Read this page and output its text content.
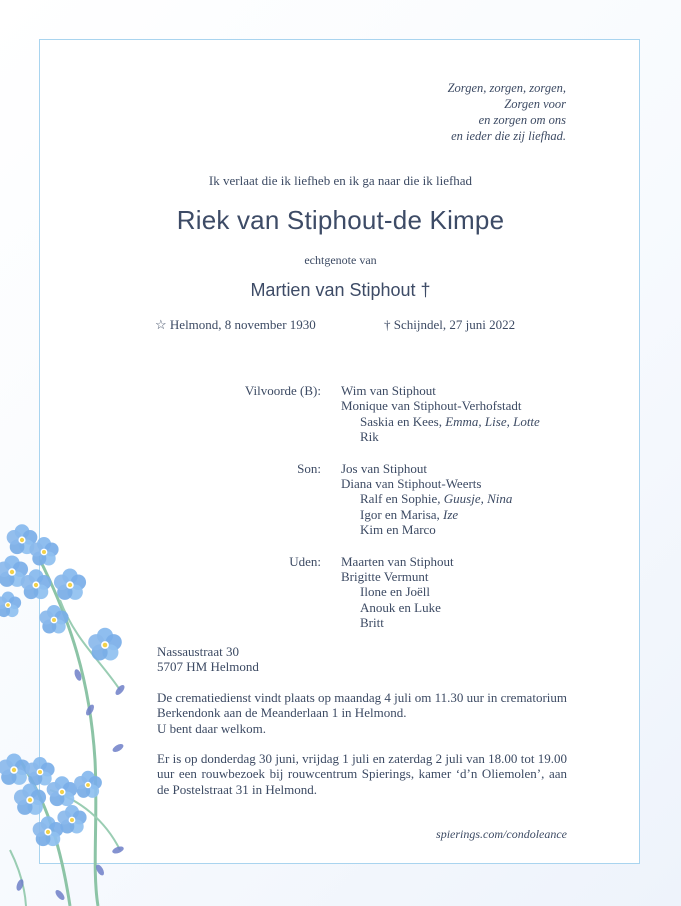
Zorgen, zorgen, zorgen,
Zorgen voor
en zorgen om ons
en ieder die zij liefhad.
Ik verlaat die ik liefheb en ik ga naar die ik liefhad
Riek van Stiphout-de Kimpe
echtgenote van
Martien van Stiphout †
☆ Helmond, 8 november 1930	† Schijndel, 27 juni 2022
Vilvoorde (B): Wim van Stiphout
Monique van Stiphout-Verhofstadt
Saskia en Kees, Emma, Lise, Lotte
Rik
Son: Jos van Stiphout
Diana van Stiphout-Weerts
Ralf en Sophie, Guusje, Nina
Igor en Marisa, Ize
Kim en Marco
Uden: Maarten van Stiphout
Brigitte Vermunt
Ilone en Joëll
Anouk en Luke
Britt
Nassaustraat 30
5707 HM Helmond
De crematiedienst vindt plaats op maandag 4 juli om 11.30 uur in crematorium Berkendonk aan de Meanderlaan 1 in Helmond.
U bent daar welkom.
Er is op donderdag 30 juni, vrijdag 1 juli en zaterdag 2 juli van 18.00 tot 19.00 uur een rouwbezoek bij rouwcentrum Spierings, kamer ‘d’n Oliemolen’, aan de Postelstraat 31 in Helmond.
spierings.com/condoleance
